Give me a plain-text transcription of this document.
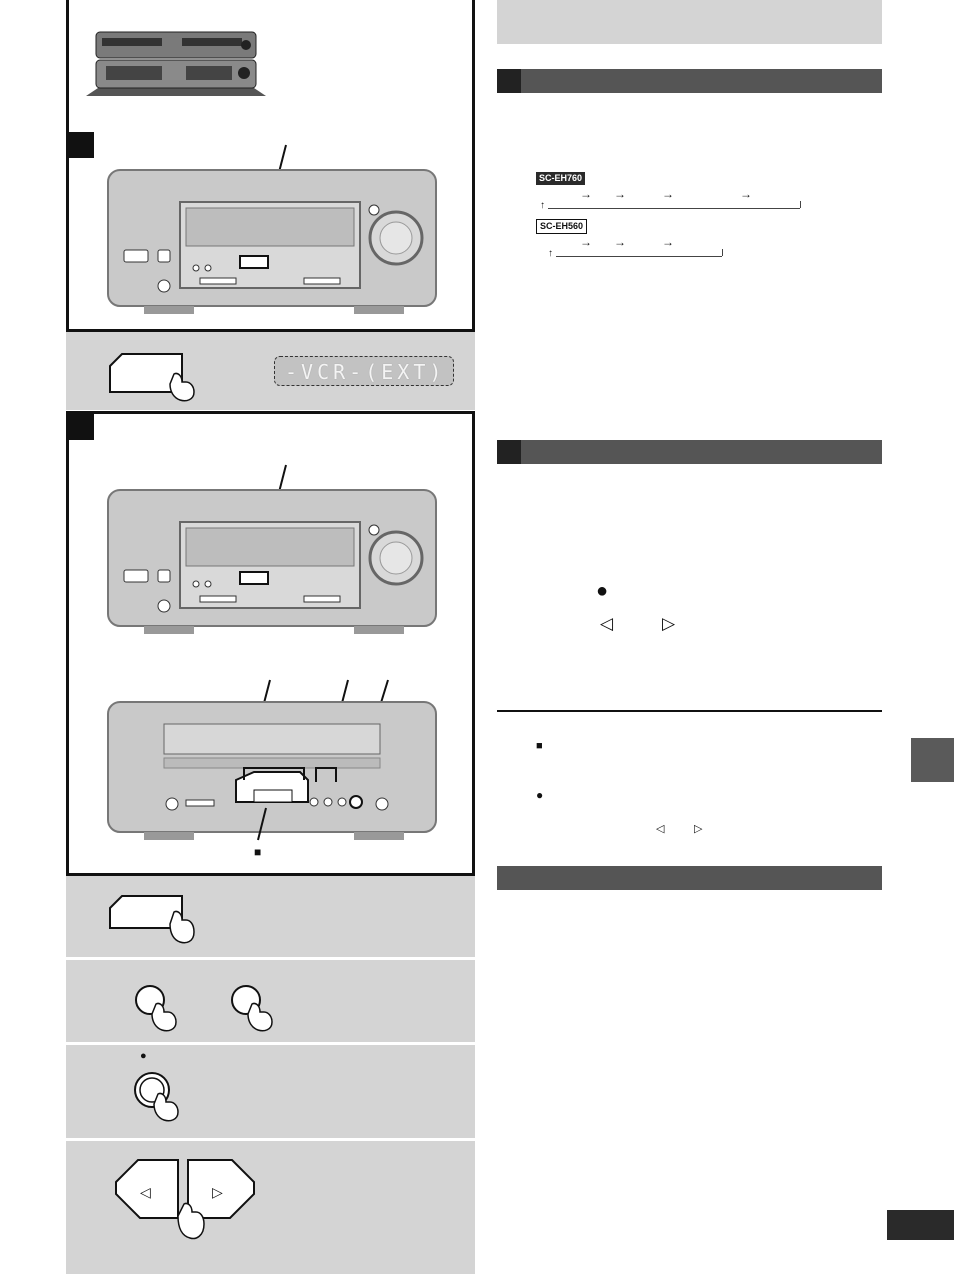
-VCR-(EXT)
■
●
◁	▷
SC-EH760
→ →	→	→
↑
SC-EH560
→ →	→
↑
●
◁	▷
■
●
◁	▷
